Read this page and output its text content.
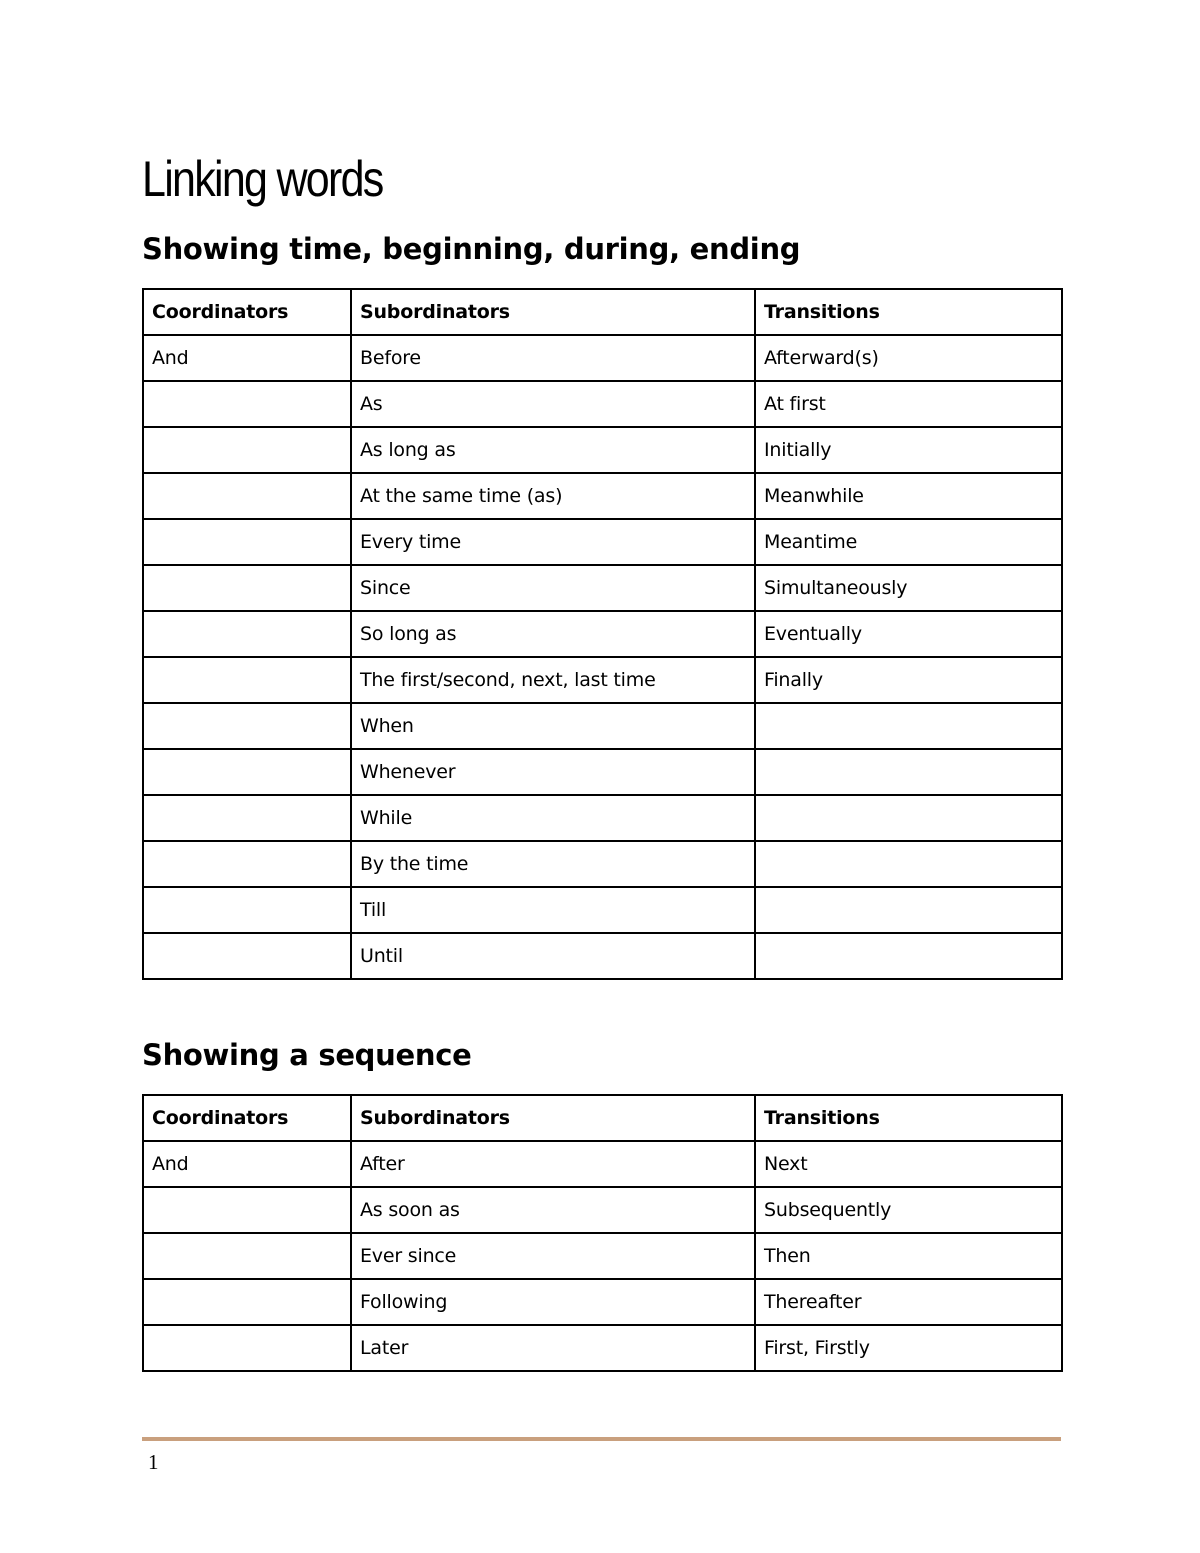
Linking words
Showing time, beginning, during, ending
Coordinators	Subordinators	Transitions
And	Before	Afterward(s)
	As	At first
	As long as	Initially
	At the same time (as)	Meanwhile
	Every time	Meantime
	Since	Simultaneously
	So long as	Eventually
	The first/second, next, last time	Finally
	When	
	Whenever	
	While	
	By the time	
	Till	
	Until	
Showing a sequence
Coordinators	Subordinators	Transitions
And	After	Next
	As soon as	Subsequently
	Ever since	Then
	Following	Thereafter
	Later	First, Firstly
1
